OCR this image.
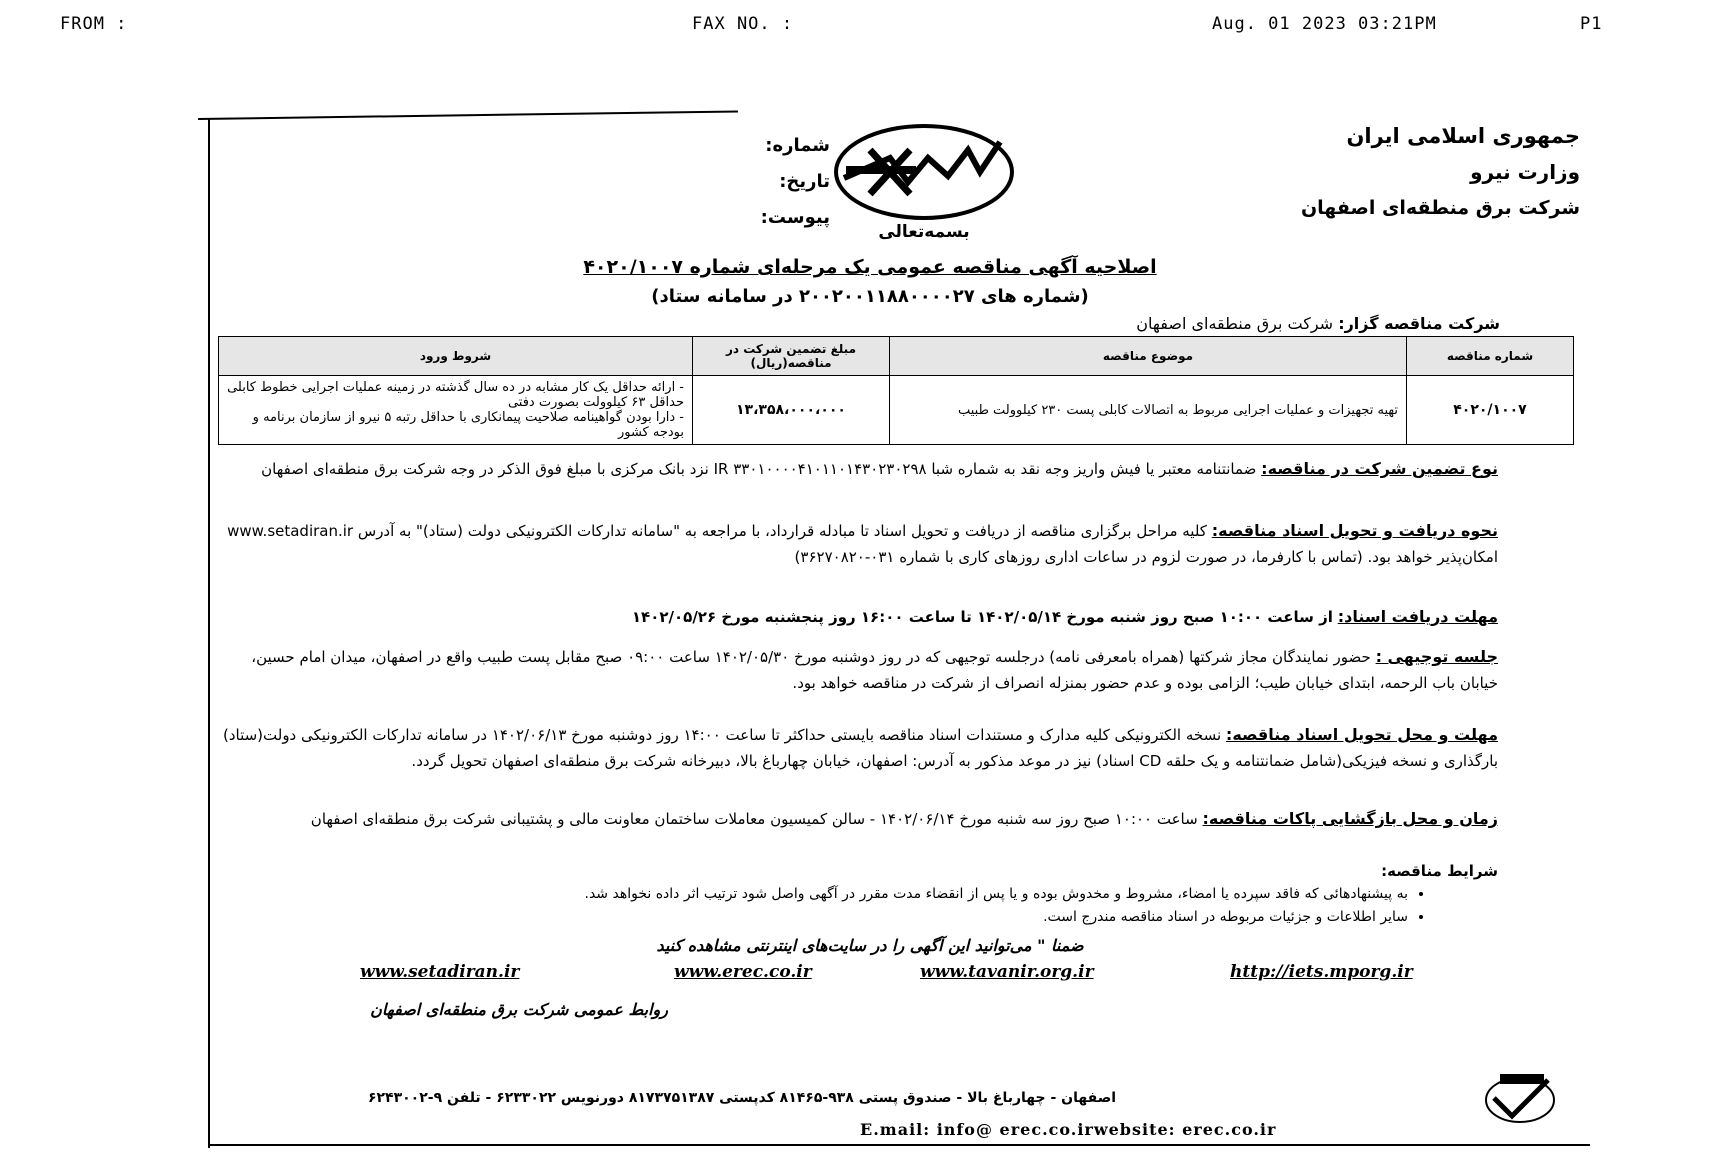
FROM :	FAX NO. :	Aug. 01 2023 03:21PM	P1
جمهوری اسلامی ایران
وزارت نیرو
شرکت برق منطقه‌ای اصفهان
شماره:
تاریخ:
پیوست:
بسمه‌تعالی
اصلاحیه آگهی مناقصه عمومی یک مرحله‌ای شماره ۴۰۲۰/۱۰۰۷
(شماره های ۲۰۰۲۰۰۱۱۸۸۰۰۰۰۲۷ در سامانه ستاد)
شرکت مناقصه گزار: شرکت برق منطقه‌ای اصفهان
شماره مناقصه	موضوع مناقصه	مبلغ تضمین شرکت در مناقصه(ریال)	شروط ورود
۴۰۲۰/۱۰۰۷	تهیه تجهیزات و عملیات اجرایی مربوط به اتصالات کابلی پست ۲۳۰ کیلوولت طبیب	۱۳،۳۵۸،۰۰۰،۰۰۰	- ارائه حداقل یک کار مشابه در ده سال گذشته در زمینه عملیات اجرایی خطوط کابلی حداقل ۶۳ کیلوولت بصورت دفتی
- دارا بودن گواهینامه صلاحیت پیمانکاری با حداقل رتبه ۵ نیرو از سازمان برنامه و بودجه کشور
نوع تضمین شرکت در مناقصه: ضمانتنامه معتبر یا فیش واریز وجه نقد به شماره شبا IR ۳۳۰۱۰۰۰۰۴۱۰۱۱۰۱۴۳۰۲۳۰۲۹۸ نزد بانک مرکزی با مبلغ فوق الذکر در وجه شرکت برق منطقه‌ای اصفهان
نحوه دریافت و تحویل اسناد مناقصه: کلیه مراحل برگزاری مناقصه از دریافت و تحویل اسناد تا مبادله قرارداد، با مراجعه به "سامانه تدارکات الکترونیکی دولت (ستاد)" به آدرس www.setadiran.ir امکان‌پذیر خواهد بود. (تماس با کارفرما، در صورت لزوم در ساعات اداری روزهای کاری با شماره ۰۳۱-۳۶۲۷۰۸۲۰)
مهلت دریافت اسناد: از ساعت ۱۰:۰۰ صبح روز شنبه مورخ ۱۴۰۲/۰۵/۱۴ تا ساعت ۱۶:۰۰ روز پنجشنبه مورخ ۱۴۰۲/۰۵/۲۶
جلسه توجیهی : حضور نمایندگان مجاز شرکتها (همراه بامعرفی نامه) درجلسه توجیهی که در روز دوشنبه مورخ ۱۴۰۲/۰۵/۳۰ ساعت ۰۹:۰۰ صبح مقابل پست طبیب واقع در اصفهان، میدان امام حسین، خیابان باب الرحمه، ابتدای خیابان طیب؛ الزامی بوده و عدم حضور بمنزله انصراف از شرکت در مناقصه خواهد بود.
مهلت و محل تحویل اسناد مناقصه: نسخه الکترونیکی کلیه مدارک و مستندات اسناد مناقصه بایستی حداکثر تا ساعت ۱۴:۰۰ روز دوشنبه مورخ ۱۴۰۲/۰۶/۱۳ در سامانه تدارکات الکترونیکی دولت(ستاد) بارگذاری و نسخه فیزیکی(شامل ضمانتنامه و یک حلقه CD اسناد) نیز در موعد مذکور به آدرس: اصفهان، خیابان چهارباغ بالا، دبیرخانه شرکت برق منطقه‌ای اصفهان تحویل گردد.
زمان و محل بازگشایی پاکات مناقصه: ساعت ۱۰:۰۰ صبح روز سه شنبه مورخ ۱۴۰۲/۰۶/۱۴ - سالن کمیسیون معاملات ساختمان معاونت مالی و پشتیبانی شرکت برق منطقه‌ای اصفهان
شرایط مناقصه:
• به پیشنهادهائی که فاقد سپرده یا امضاء، مشروط و مخدوش بوده و یا پس از انقضاء مدت مقرر در آگهی واصل شود ترتیب اثر داده نخواهد شد.
• سایر اطلاعات و جزئیات مربوطه در اسناد مناقصه مندرج است.
ضمنا " می‌توانید این آگهی را در سایت‌های اینترنتی مشاهده کنید
www.setadiran.ir	www.erec.co.ir	www.tavanir.org.ir	http://iets.mporg.ir
روابط عمومی شرکت برق منطقه‌ای اصفهان
اصفهان - چهارباغ بالا - صندوق پستی ۹۳۸-۸۱۴۶۵ کدپستی ۸۱۷۳۷۵۱۳۸۷ دورنویس ۶۲۳۳۰۲۲ - تلفن ۹-۶۲۴۳۰۰۲
E.mail: info@ erec.co.irwebsite: erec.co.ir
